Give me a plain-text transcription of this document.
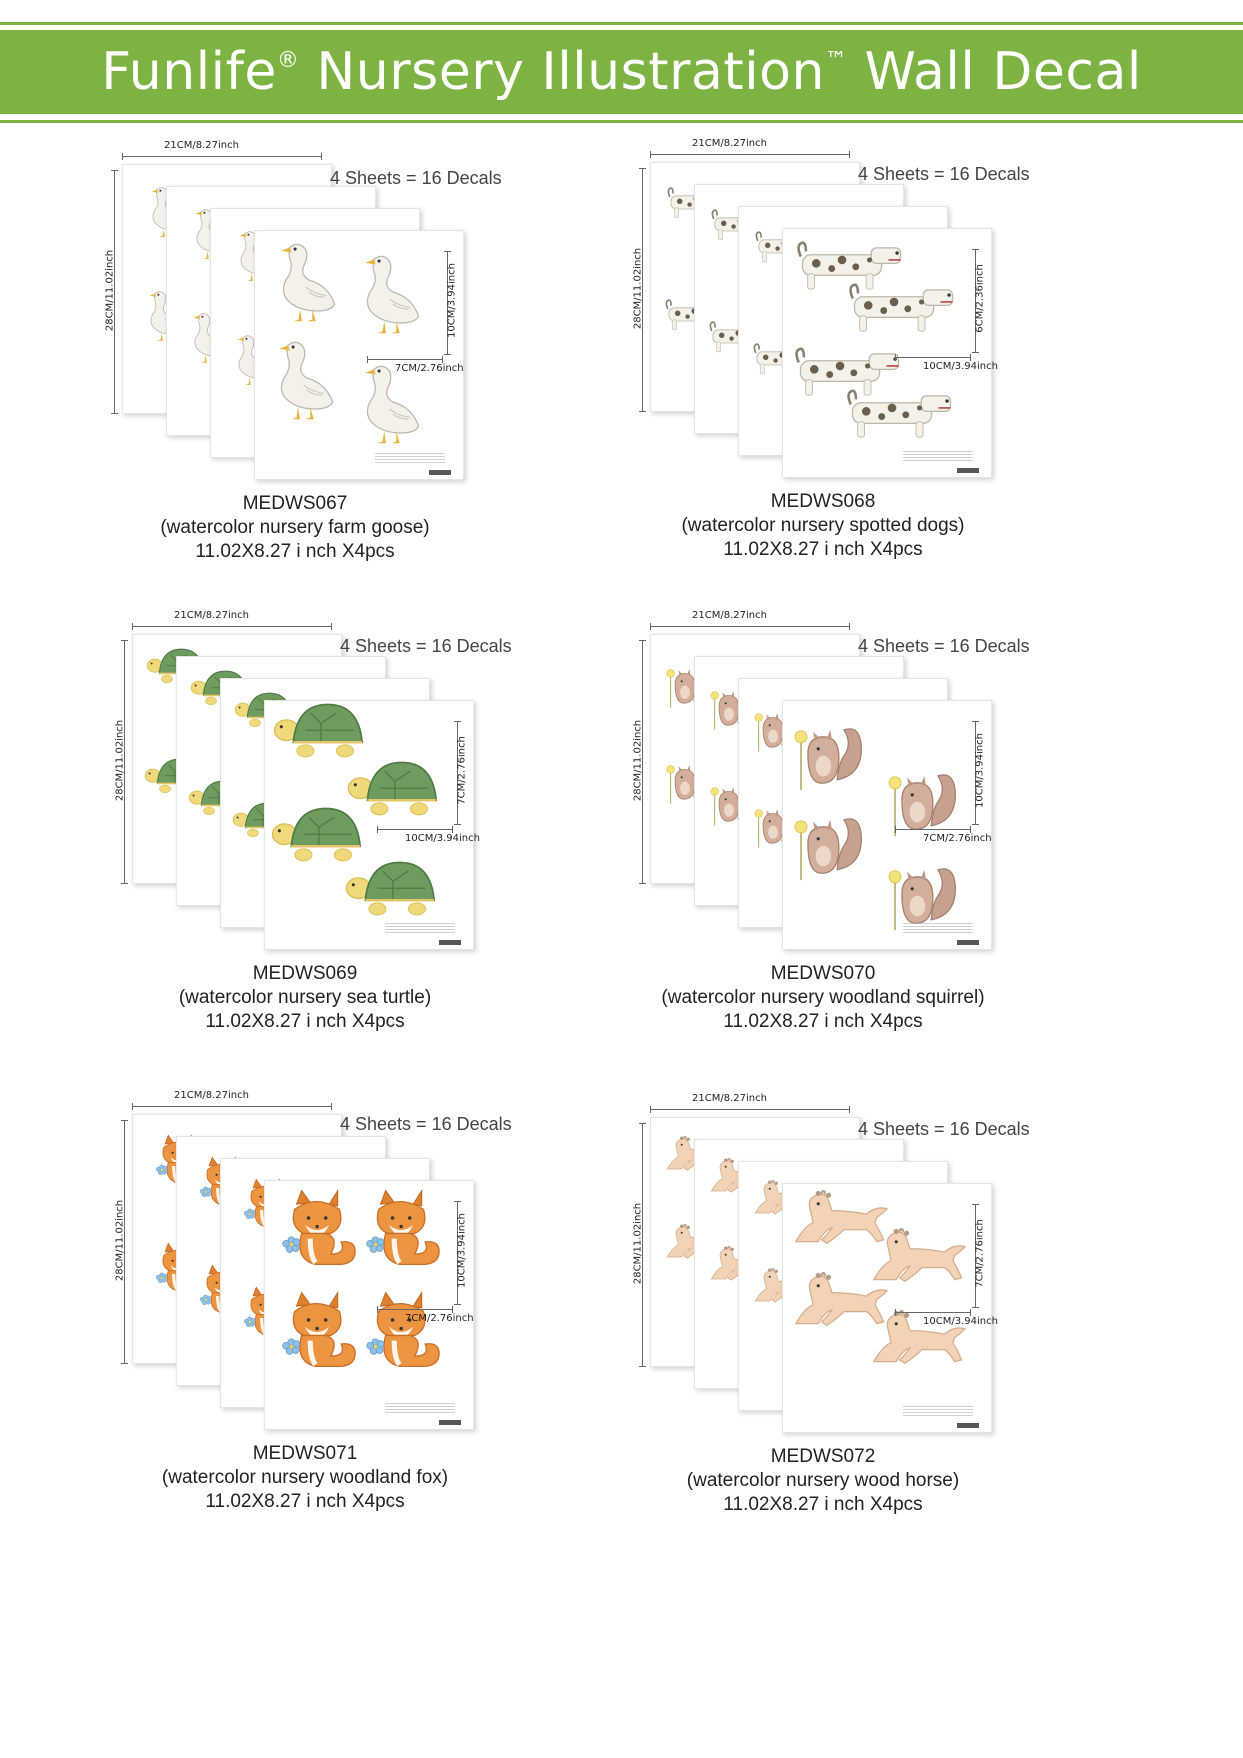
Funlife® Nursery Illustration™ Wall Decal
21CM/8.27inch
28CM/11.02inch	10CM/3.94inch
7CM/2.76inch
4 Sheets = 16 Decals
MEDWS067
(watercolor nursery farm goose)
11.02X8.27 i nch X4pcs
21CM/8.27inch
28CM/11.02inch	6CM/2.36inch
10CM/3.94inch
4 Sheets = 16 Decals
MEDWS068
(watercolor nursery spotted dogs)
11.02X8.27 i nch X4pcs
21CM/8.27inch
28CM/11.02inch	7CM/2.76inch
10CM/3.94inch
4 Sheets = 16 Decals
MEDWS069
(watercolor nursery sea turtle)
11.02X8.27 i nch X4pcs
21CM/8.27inch
28CM/11.02inch	10CM/3.94inch
7CM/2.76inch
4 Sheets = 16 Decals
MEDWS070
(watercolor nursery woodland squirrel)
11.02X8.27 i nch X4pcs
21CM/8.27inch
28CM/11.02inch	10CM/3.94inch
7CM/2.76inch
4 Sheets = 16 Decals
MEDWS071
(watercolor nursery woodland fox)
11.02X8.27 i nch X4pcs
21CM/8.27inch
28CM/11.02inch	7CM/2.76inch
10CM/3.94inch
4 Sheets = 16 Decals
MEDWS072
(watercolor nursery wood horse)
11.02X8.27 i nch X4pcs
